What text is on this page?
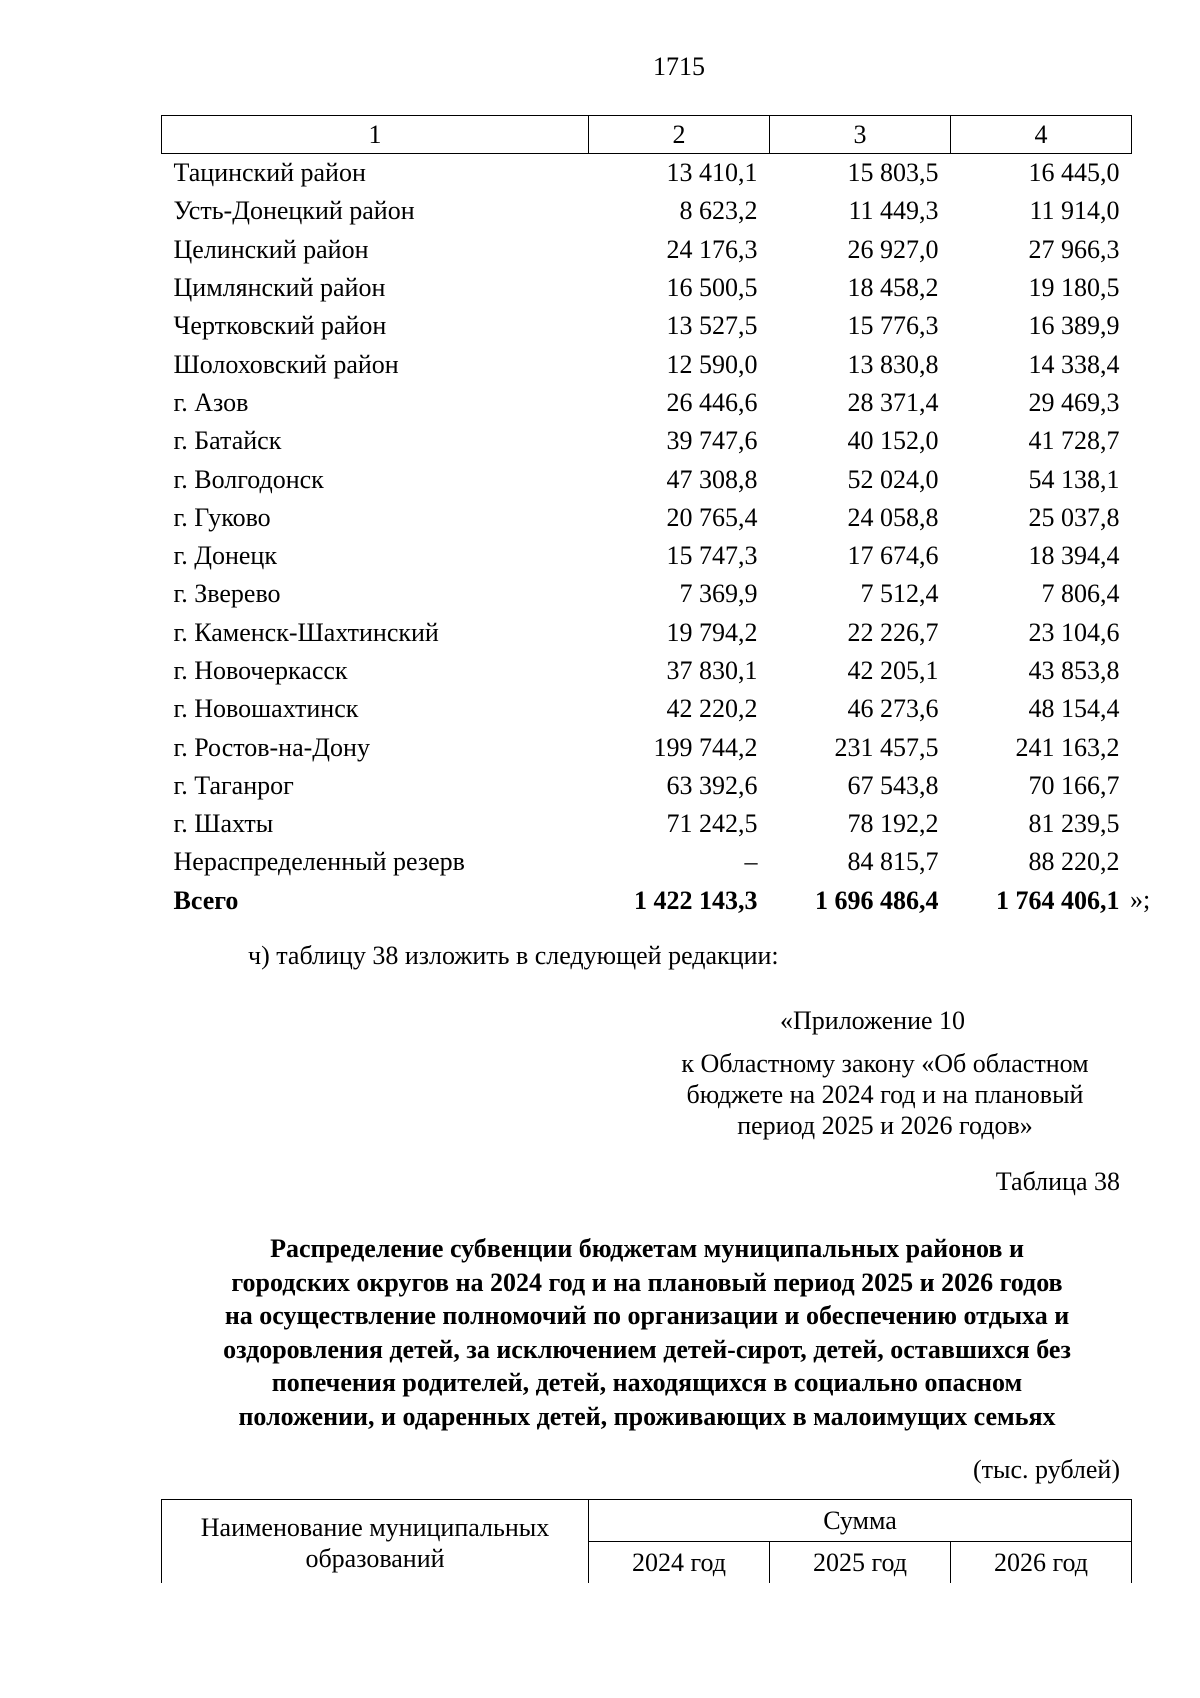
1715
1	2	3	4
Тацинский район	13 410,1	15 803,5	16 445,0
Усть-Донецкий район	8 623,2	11 449,3	11 914,0
Целинский район	24 176,3	26 927,0	27 966,3
Цимлянский район	16 500,5	18 458,2	19 180,5
Чертковский район	13 527,5	15 776,3	16 389,9
Шолоховский район	12 590,0	13 830,8	14 338,4
г. Азов	26 446,6	28 371,4	29 469,3
г. Батайск	39 747,6	40 152,0	41 728,7
г. Волгодонск	47 308,8	52 024,0	54 138,1
г. Гуково	20 765,4	24 058,8	25 037,8
г. Донецк	15 747,3	17 674,6	18 394,4
г. Зверево	7 369,9	7 512,4	7 806,4
г. Каменск-Шахтинский	19 794,2	22 226,7	23 104,6
г. Новочеркасск	37 830,1	42 205,1	43 853,8
г. Новошахтинск	42 220,2	46 273,6	48 154,4
г. Ростов-на-Дону	199 744,2	231 457,5	241 163,2
г. Таганрог	63 392,6	67 543,8	70 166,7
г. Шахты	71 242,5	78 192,2	81 239,5
Нераспределенный резерв	–	84 815,7	88 220,2
Всего	1 422 143,3	1 696 486,4	1 764 406,1 »;
ч) таблицу 38 изложить в следующей редакции:
«Приложение 10
к Областному закону «Об областном
бюджете на 2024 год и на плановый
период 2025 и 2026 годов»
Таблица 38
Распределение субвенции бюджетам муниципальных районов и
городских округов на 2024 год и на плановый период 2025 и 2026 годов
на осуществление полномочий по организации и обеспечению отдыха и
оздоровления детей, за исключением детей-сирот, детей, оставшихся без
попечения родителей, детей, находящихся в социально опасном
положении, и одаренных детей, проживающих в малоимущих семьях
(тыс. рублей)
Наименование муниципальных
образований	Сумма		
	2024 год	2025 год	2026 год
